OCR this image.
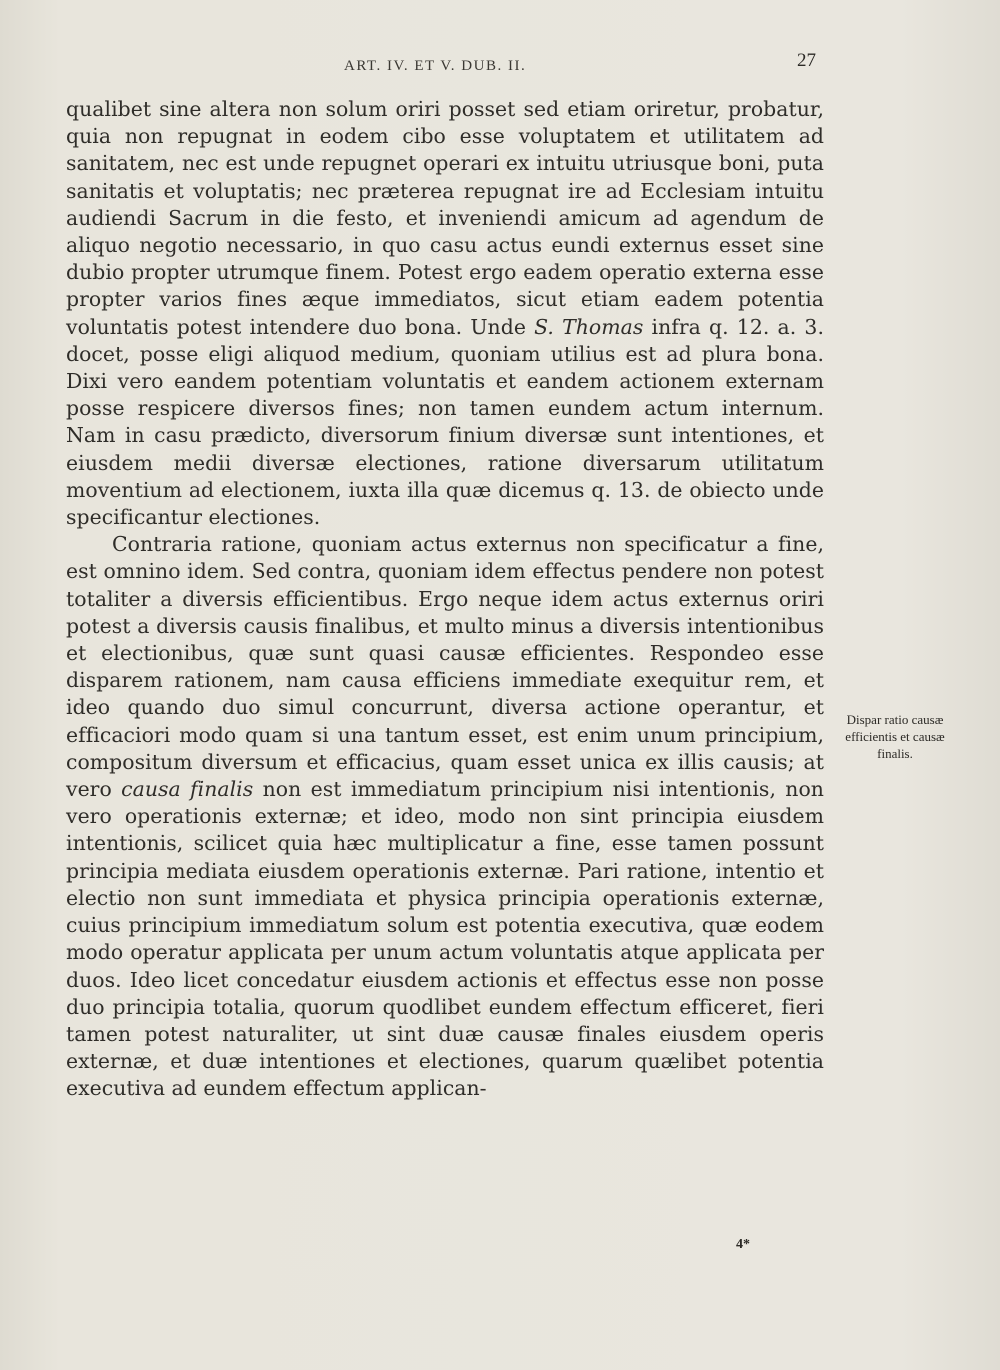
ART. IV. ET V. DUB. II.	27

qualibet sine altera non solum oriri posset sed etiam oriretur, probatur, quia non repugnat in eodem cibo esse voluptatem et utilitatem ad sanitatem, nec est unde repugnet operari ex intuitu utriusque boni, puta sanitatis et voluptatis; nec præterea repugnat ire ad Ecclesiam intuitu audiendi Sacrum in die festo, et inveniendi amicum ad agendum de aliquo negotio necessario, in quo casu actus eundi externus esset sine dubio propter utrumque finem. Potest ergo eadem operatio externa esse propter varios fines æque immediatos, sicut etiam eadem potentia voluntatis potest intendere duo bona. Unde S. Thomas infra q. 12. a. 3. docet, posse eligi aliquod medium, quoniam utilius est ad plura bona. Dixi vero eandem potentiam voluntatis et eandem actionem externam posse respicere diversos fines; non tamen eundem actum internum. Nam in casu prædicto, diversorum finium diversæ sunt intentiones, et eiusdem medii diversæ electiones, ratione diversarum utilitatum moventium ad electionem, iuxta illa quæ dicemus q. 13. de obiecto unde specificantur electiones.

Contraria ratione, quoniam actus externus non specificatur a fine, est omnino idem. Sed contra, quoniam idem effectus pendere non potest totaliter a diversis efficientibus. Ergo neque idem actus externus oriri potest a diversis causis finalibus, et multo minus a diversis intentionibus et electionibus, quæ sunt quasi causæ efficientes. Respondeo esse disparem rationem, nam causa efficiens immediate exequitur rem, et ideo quando duo simul concurrunt, diversa actione operantur, et efficaciori modo quam si una tantum esset, est enim unum principium, compositum diversum et efficacius, quam esset unica ex illis causis; at vero causa finalis non est immediatum principium nisi intentionis, non vero operationis externæ; et ideo, modo non sint principia eiusdem intentionis, scilicet quia hæc multiplicatur a fine, esse tamen possunt principia mediata eiusdem operationis externæ. Pari ratione, intentio et electio non sunt immediata et physica principia operationis externæ, cuius principium immediatum solum est potentia executiva, quæ eodem modo operatur applicata per unum actum voluntatis atque applicata per duos. Ideo licet concedatur eiusdem actionis et effectus esse non posse duo principia totalia, quorum quodlibet eundem effectum efficeret, fieri tamen potest naturaliter, ut sint duæ causæ finales eiusdem operis externæ, et duæ intentiones et electiones, quarum quælibet potentia executiva ad eundem effectum applican-

Dispar ratio causæ efficientis et causæ finalis.
4*
